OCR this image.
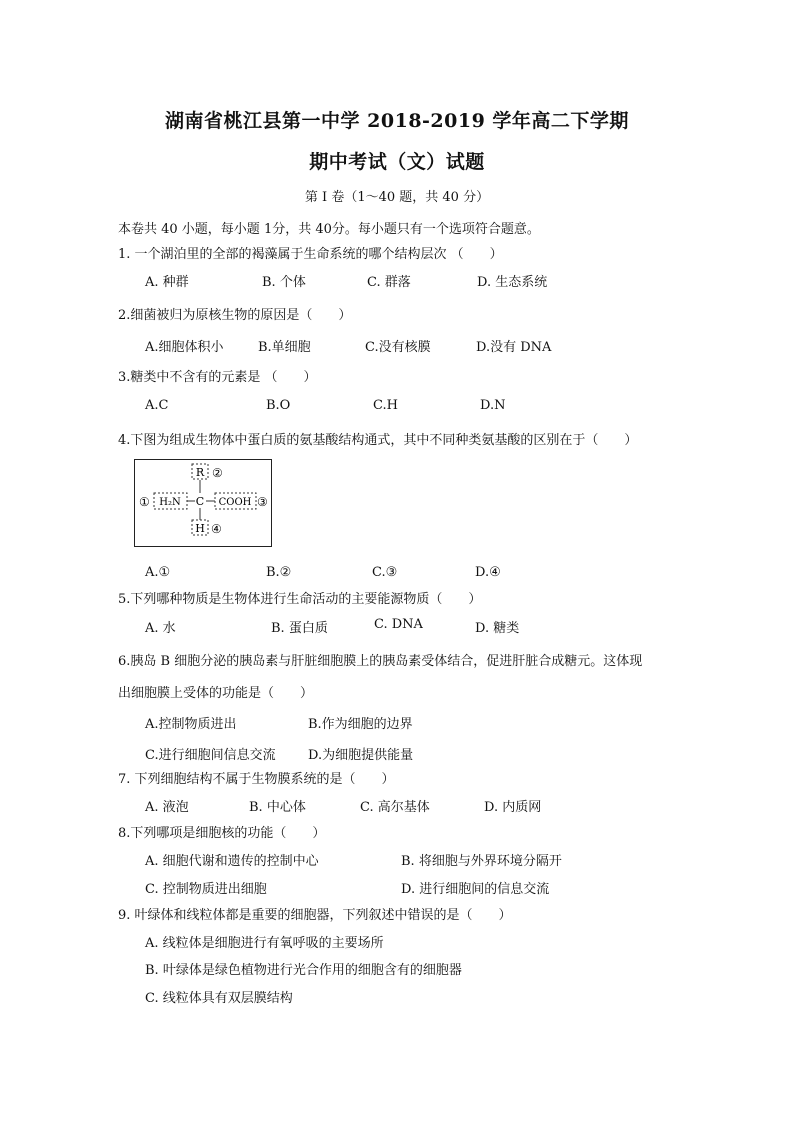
湖南省桃江县第一中学 2018-2019 学年高二下学期
期中考试（文）试题
第 I 卷（1～40 题，共 40 分）
本卷共 40 小题，每小题 1分，共 40分。每小题只有一个选项符合题意。
1. 一个湖泊里的全部的褐藻属于生命系统的哪个结构层次 （　　）
A. 种群	B. 个体	C. 群落	D. 生态系统
2.细菌被归为原核生物的原因是（　　）
A.细胞体积小	B.单细胞	C.没有核膜	D.没有 DNA
3.糖类中不含有的元素是 （　　）
A.C	B.O	C.H	D.N
4.下图为组成生物体中蛋白质的氨基酸结构通式，其中不同种类氨基酸的区别在于（　　）
R ②
H₂N
①	C COOH ③
H ④
A.①	B.②	C.③	D.④
5.下列哪种物质是生物体进行生命活动的主要能源物质（　　）
A. 水	B. 蛋白质	C. DNA	D. 糖类
6.胰岛 B 细胞分泌的胰岛素与肝脏细胞膜上的胰岛素受体结合，促进肝脏合成糖元。这体现
出细胞膜上受体的功能是（　　）
A.控制物质进出	B.作为细胞的边界
C.进行细胞间信息交流 D.为细胞提供能量
7. 下列细胞结构不属于生物膜系统的是（　　）
A. 液泡	B. 中心体	C. 高尔基体	D. 内质网
8.下列哪项是细胞核的功能（　　）
A. 细胞代谢和遗传的控制中心	B. 将细胞与外界环境分隔开
C. 控制物质进出细胞	D. 进行细胞间的信息交流
9. 叶绿体和线粒体都是重要的细胞器，下列叙述中错误的是（　　）
A. 线粒体是细胞进行有氧呼吸的主要场所
B. 叶绿体是绿色植物进行光合作用的细胞含有的细胞器
C. 线粒体具有双层膜结构
